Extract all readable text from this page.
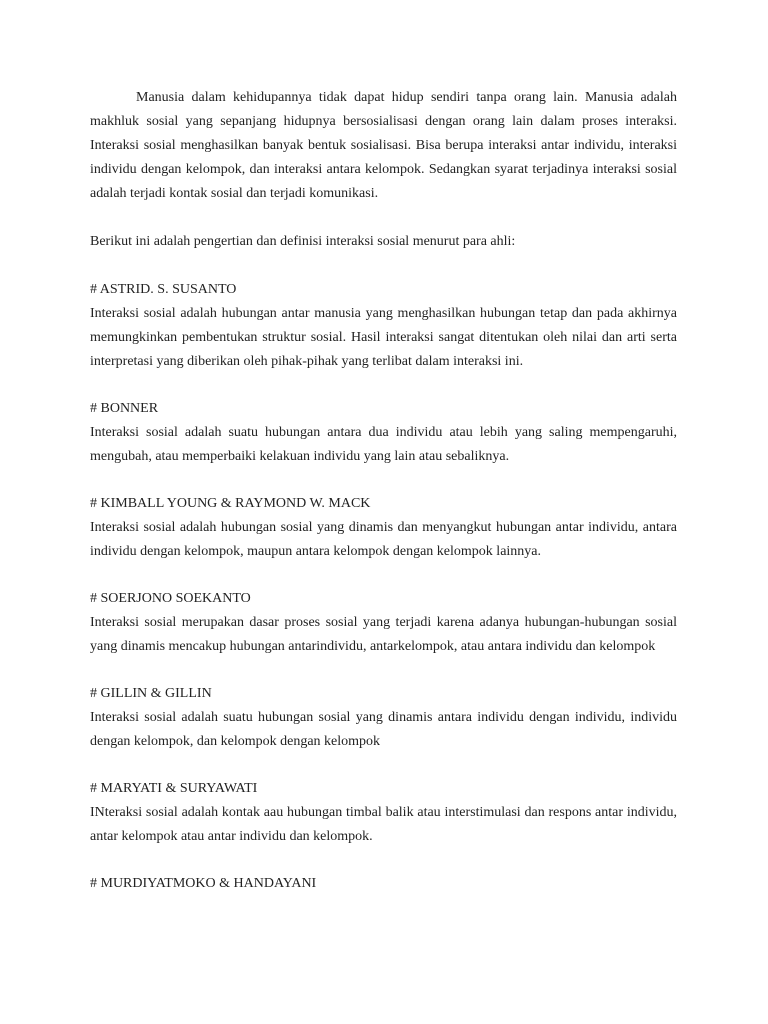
Manusia dalam kehidupannya tidak dapat hidup sendiri tanpa orang lain. Manusia adalah makhluk sosial yang sepanjang hidupnya bersosialisasi dengan orang lain dalam proses interaksi. Interaksi sosial menghasilkan banyak bentuk sosialisasi. Bisa berupa interaksi antar individu, interaksi individu dengan kelompok, dan interaksi antara kelompok. Sedangkan syarat terjadinya interaksi sosial adalah terjadi kontak sosial dan terjadi komunikasi.

Berikut ini adalah pengertian dan definisi interaksi sosial menurut para ahli:

# ASTRID. S. SUSANTO

Interaksi sosial adalah hubungan antar manusia yang menghasilkan hubungan tetap dan pada akhirnya memungkinkan pembentukan struktur sosial. Hasil interaksi sangat ditentukan oleh nilai dan arti serta interpretasi yang diberikan oleh pihak-pihak yang terlibat dalam interaksi ini.

# BONNER

Interaksi sosial adalah suatu hubungan antara dua individu atau lebih yang saling mempengaruhi, mengubah, atau memperbaiki kelakuan individu yang lain atau sebaliknya.

# KIMBALL YOUNG & RAYMOND W. MACK

Interaksi sosial adalah hubungan sosial yang dinamis dan menyangkut hubungan antar individu, antara individu dengan kelompok, maupun antara kelompok dengan kelompok lainnya.

# SOERJONO SOEKANTO

Interaksi sosial merupakan dasar proses sosial yang terjadi karena adanya hubungan-hubungan sosial yang dinamis mencakup hubungan antarindividu, antarkelompok, atau antara individu dan kelompok

# GILLIN & GILLIN

Interaksi sosial adalah suatu hubungan sosial yang dinamis antara individu dengan individu, individu dengan kelompok, dan kelompok dengan kelompok

# MARYATI & SURYAWATI

INteraksi sosial adalah kontak aau hubungan timbal balik atau interstimulasi dan respons antar individu, antar kelompok atau antar individu dan kelompok.

# MURDIYATMOKO & HANDAYANI
